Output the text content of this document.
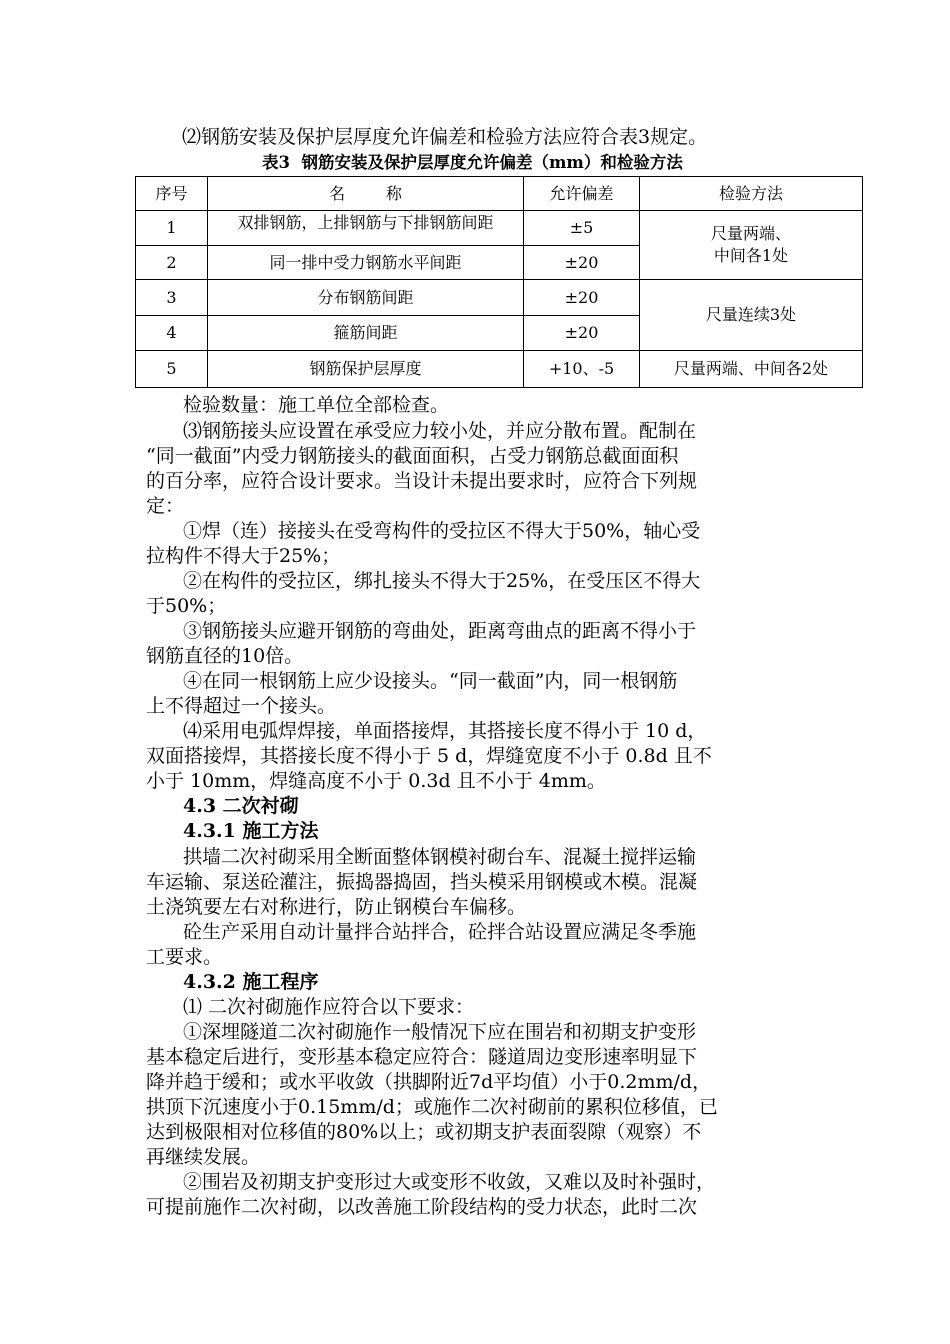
⑵钢筋安装及保护层厚度允许偏差和检验方法应符合表3规定。
表3  钢筋安装及保护层厚度允许偏差（mm）和检验方法
序号	名        称	允许偏差	检验方法
1	双排钢筋，上排钢筋与下排钢筋间距	±5	尺量两端、
中间各1处

2	同一排中受力钢筋水平间距	±20	
3	分布钢筋间距	±20	尺量连续3处
4	箍筋间距	±20	
5	钢筋保护层厚度	+10、-5	尺量两端、中间各2处
检验数量：施工单位全部检查。
⑶钢筋接头应设置在承受应力较小处，并应分散布置。配制在
“同一截面”内受力钢筋接头的截面面积，占受力钢筋总截面面积
的百分率，应符合设计要求。当设计未提出要求时，应符合下列规
定：
①焊（连）接接头在受弯构件的受拉区不得大于50%，轴心受
拉构件不得大于25%；
②在构件的受拉区，绑扎接头不得大于25%，在受压区不得大
于50%；
③钢筋接头应避开钢筋的弯曲处，距离弯曲点的距离不得小于
钢筋直径的10倍。
④在同一根钢筋上应少设接头。“同一截面”内，同一根钢筋
上不得超过一个接头。
⑷采用电弧焊焊接，单面搭接焊，其搭接长度不得小于 10 d，
双面搭接焊，其搭接长度不得小于 5 d，焊缝宽度不小于 0.8d 且不
小于 10mm，焊缝高度不小于 0.3d 且不小于 4mm。
4.3 二次衬砌
4.3.1 施工方法
拱墙二次衬砌采用全断面整体钢模衬砌台车、混凝土搅拌运输
车运输、泵送砼灌注，振捣器捣固，挡头模采用钢模或木模。混凝
土浇筑要左右对称进行，防止钢模台车偏移。
砼生产采用自动计量拌合站拌合，砼拌合站设置应满足冬季施
工要求。
4.3.2 施工程序
⑴ 二次衬砌施作应符合以下要求：
①深埋隧道二次衬砌施作一般情况下应在围岩和初期支护变形
基本稳定后进行，变形基本稳定应符合：隧道周边变形速率明显下
降并趋于缓和；或水平收敛（拱脚附近7d平均值）小于0.2mm/d，
拱顶下沉速度小于0.15mm/d；或施作二次衬砌前的累积位移值，已
达到极限相对位移值的80%以上；或初期支护表面裂隙（观察）不
再继续发展。
②围岩及初期支护变形过大或变形不收敛，又难以及时补强时，
可提前施作二次衬砌，以改善施工阶段结构的受力状态，此时二次
